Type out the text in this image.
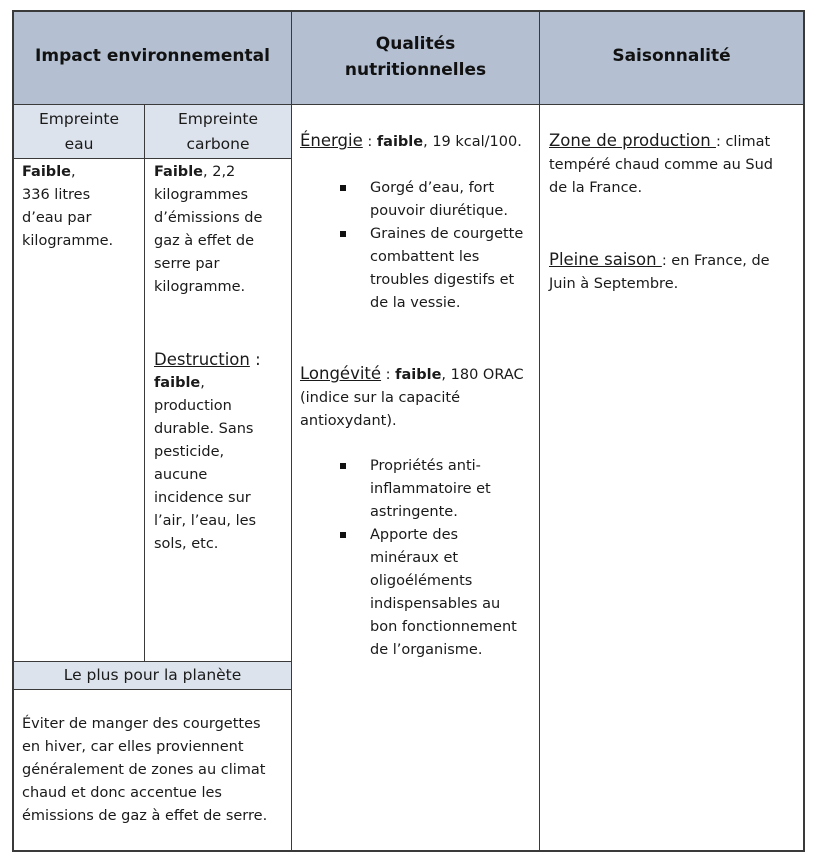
Impact environnemental
Qualités
nutritionnelles
Saisonnalité
Empreinte
eau
Empreinte
carbone
Faible,
336 litres
d’eau par
kilogramme.
Faible, 2,2
kilogrammes
d’émissions de
gaz à effet de
serre par
kilogramme.
Destruction :
faible,
production
durable. Sans
pesticide,
aucune
incidence sur
l’air, l’eau, les
sols, etc.
Le plus pour la planète
Éviter de manger des courgettes
en hiver, car elles proviennent
généralement de zones au climat
chaud et donc accentue les
émissions de gaz à effet de serre.
Énergie : faible, 19 kcal/100.
Gorgé d’eau, fort
pouvoir diurétique.
Graines de courgette
combattent les
troubles digestifs et
de la vessie.
Longévité : faible, 180 ORAC
(indice sur la capacité
antioxydant).
Propriétés anti-
inflammatoire et
astringente.
Apporte des
minéraux et
oligoéléments
indispensables au
bon fonctionnement
de l’organisme.
Zone de production : climat
tempéré chaud comme au Sud
de la France.
Pleine saison : en France, de
Juin à Septembre.
